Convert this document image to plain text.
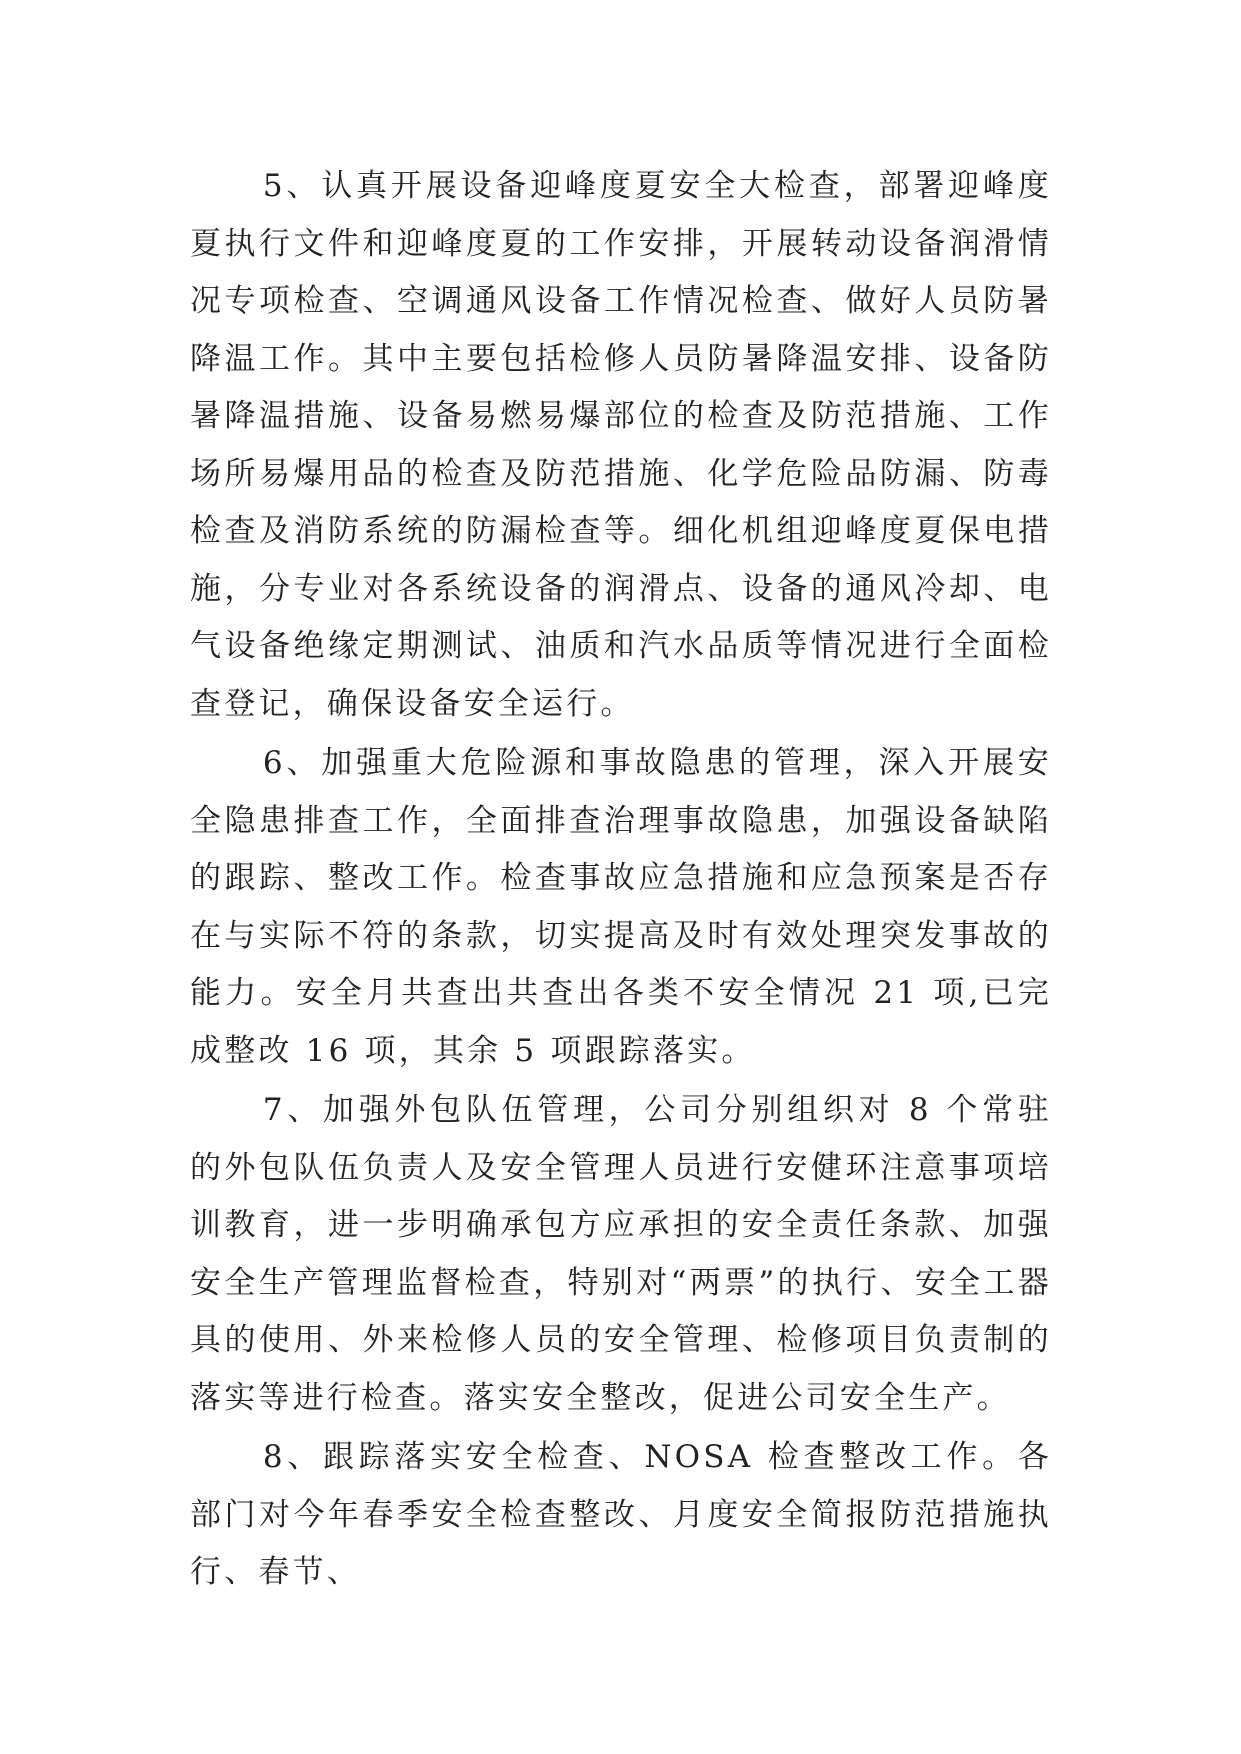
5、认真开展设备迎峰度夏安全大检查，部署迎峰度夏执行文件和迎峰度夏的工作安排，开展转动设备润滑情况专项检查、空调通风设备工作情况检查、做好人员防暑降温工作。其中主要包括检修人员防暑降温安排、设备防暑降温措施、设备易燃易爆部位的检查及防范措施、工作场所易爆用品的检查及防范措施、化学危险品防漏、防毒检查及消防系统的防漏检查等。细化机组迎峰度夏保电措施，分专业对各系统设备的润滑点、设备的通风冷却、电气设备绝缘定期测试、油质和汽水品质等情况进行全面检查登记，确保设备安全运行。

6、加强重大危险源和事故隐患的管理，深入开展安全隐患排查工作，全面排查治理事故隐患，加强设备缺陷的跟踪、整改工作。检查事故应急措施和应急预案是否存在与实际不符的条款，切实提高及时有效处理突发事故的能力。安全月共查出共查出各类不安全情况 21 项,已完成整改 16 项，其余 5 项跟踪落实。

7、加强外包队伍管理，公司分别组织对 8 个常驻的外包队伍负责人及安全管理人员进行安健环注意事项培训教育，进一步明确承包方应承担的安全责任条款、加强安全生产管理监督检查，特别对“两票”的执行、安全工器具的使用、外来检修人员的安全管理、检修项目负责制的落实等进行检查。落实安全整改，促进公司安全生产。

8、跟踪落实安全检查、NOSA 检查整改工作。各部门对今年春季安全检查整改、月度安全简报防范措施执行、春节、
